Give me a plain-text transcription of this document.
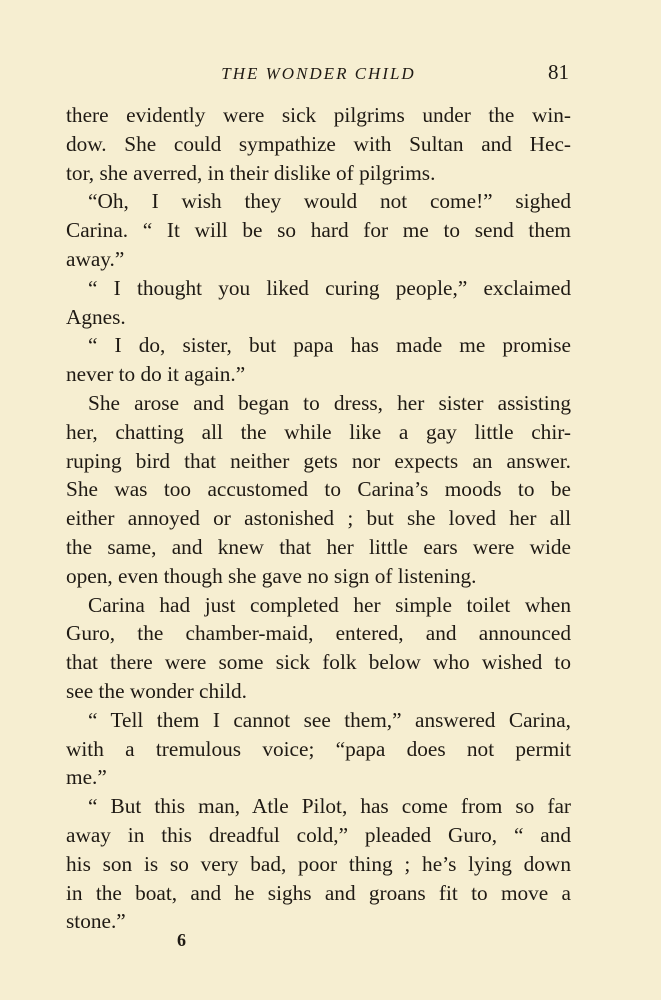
THE WONDER CHILD	81
there evidently were sick pilgrims under the win-
dow. She could sympathize with Sultan and Hec-
tor, she averred, in their dislike of pilgrims.
“Oh, I wish they would not come!” sighed
Carina. “ It will be so hard for me to send them
away.”
“ I thought you liked curing people,” exclaimed
Agnes.
“ I do, sister, but papa has made me promise
never to do it again.”
She arose and began to dress, her sister assisting
her, chatting all the while like a gay little chir-
ruping bird that neither gets nor expects an answer.
She was too accustomed to Carina’s moods to be
either annoyed or astonished ; but she loved her all
the same, and knew that her little ears were wide
open, even though she gave no sign of listening.
Carina had just completed her simple toilet when
Guro, the chamber-maid, entered, and announced
that there were some sick folk below who wished to
see the wonder child.
“ Tell them I cannot see them,” answered Carina,
with a tremulous voice; “papa does not permit
me.”
“ But this man, Atle Pilot, has come from so far
away in this dreadful cold,” pleaded Guro, “ and
his son is so very bad, poor thing ; he’s lying down
in the boat, and he sighs and groans fit to move a
stone.”
6
